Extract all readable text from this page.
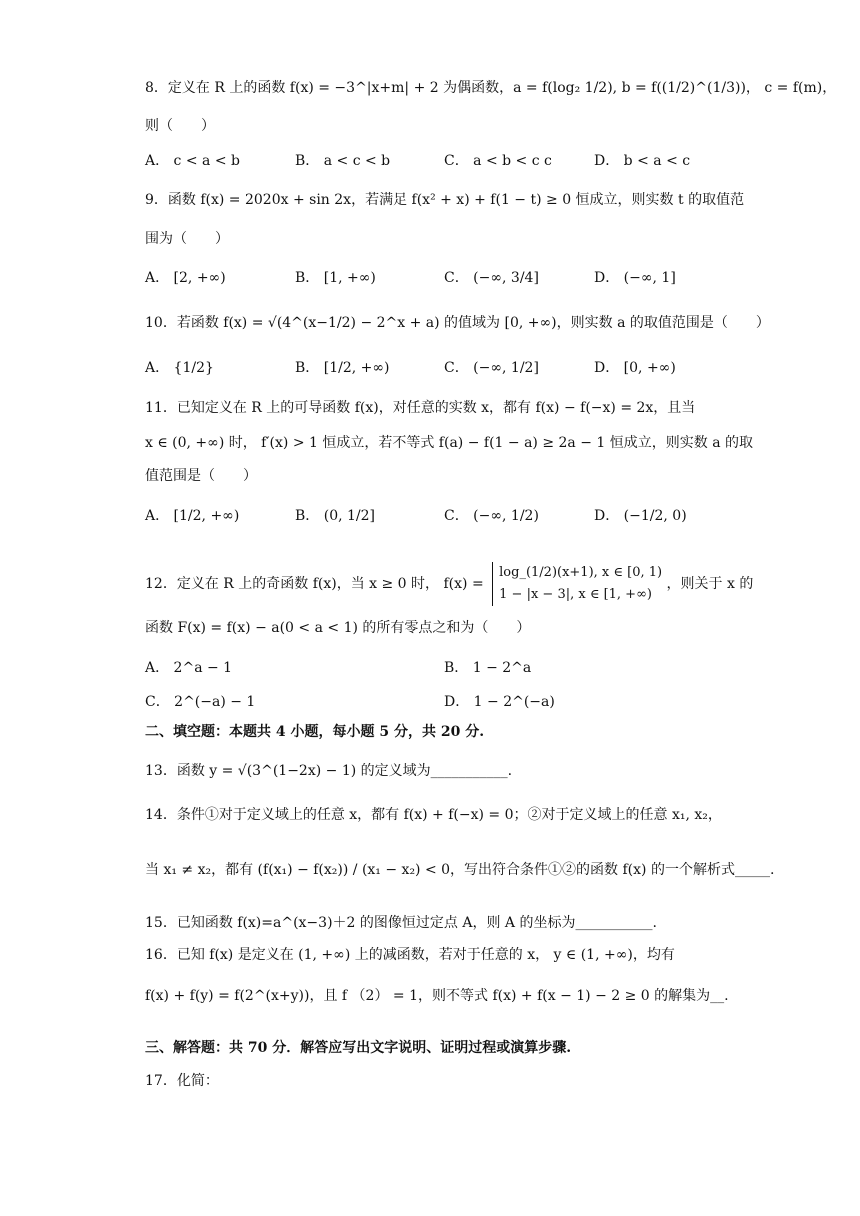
8．定义在 R 上的函数 f(x) = −3^|x+m| + 2 为偶函数，a = f(log₂ 1/2), b = f((1/2)^(1/3))， c = f(m)，
则（　　）
A． c < a < b	B． a < c < b	C． a < b < c c	D． b < a < c
9．函数 f(x) = 2020x + sin 2x，若满足 f(x² + x) + f(1 − t) ≥ 0 恒成立，则实数 t 的取值范
围为（　　）
A． [2, +∞)	B． [1, +∞)	C． (−∞, 3/4]	D． (−∞, 1]
10．若函数 f(x) = √(4^(x−1/2) − 2^x + a) 的值域为 [0, +∞)，则实数 a 的取值范围是（　　）
A． {1/2}	B． [1/2, +∞)	C． (−∞, 1/2]	D． [0, +∞)
11．已知定义在 R 上的可导函数 f(x)，对任意的实数 x，都有 f(x) − f(−x) = 2x，且当
x ∈ (0, +∞) 时， f′(x) > 1 恒成立，若不等式 f(a) − f(1 − a) ≥ 2a − 1 恒成立，则实数 a 的取
值范围是（　　）
A． [1/2, +∞)	B． (0, 1/2]	C． (−∞, 1/2)	D． (−1/2, 0)
12．定义在 R 上的奇函数 f(x)，当 x ≥ 0 时， f(x) =
log_(1/2)(x+1), x ∈ [0, 1)
1 − |x − 3|, x ∈ [1, +∞)
，则关于 x 的
函数 F(x) = f(x) − a(0 < a < 1) 的所有零点之和为（　　）
A． 2^a − 1	B． 1 − 2^a
C． 2^(−a) − 1	D． 1 − 2^(−a)
二、填空题：本题共 4 小题，每小题 5 分，共 20 分.
13．函数 y = √(3^(1−2x) − 1) 的定义域为___________.
14．条件①对于定义域上的任意 x，都有 f(x) + f(−x) = 0；②对于定义域上的任意 x₁, x₂，
当 x₁ ≠ x₂，都有 (f(x₁) − f(x₂)) / (x₁ − x₂) < 0，写出符合条件①②的函数 f(x) 的一个解析式_____.
15．已知函数 f(x)=a^(x−3)＋2 的图像恒过定点 A，则 A 的坐标为___________.
16．已知 f(x) 是定义在 (1, +∞) 上的减函数，若对于任意的 x， y ∈ (1, +∞)，均有
f(x) + f(y) = f(2^(x+y))，且 f （2） = 1，则不等式 f(x) + f(x − 1) − 2 ≥ 0 的解集为__.
三、解答题：共 70 分．解答应写出文字说明、证明过程或演算步骤.
17．化简：
